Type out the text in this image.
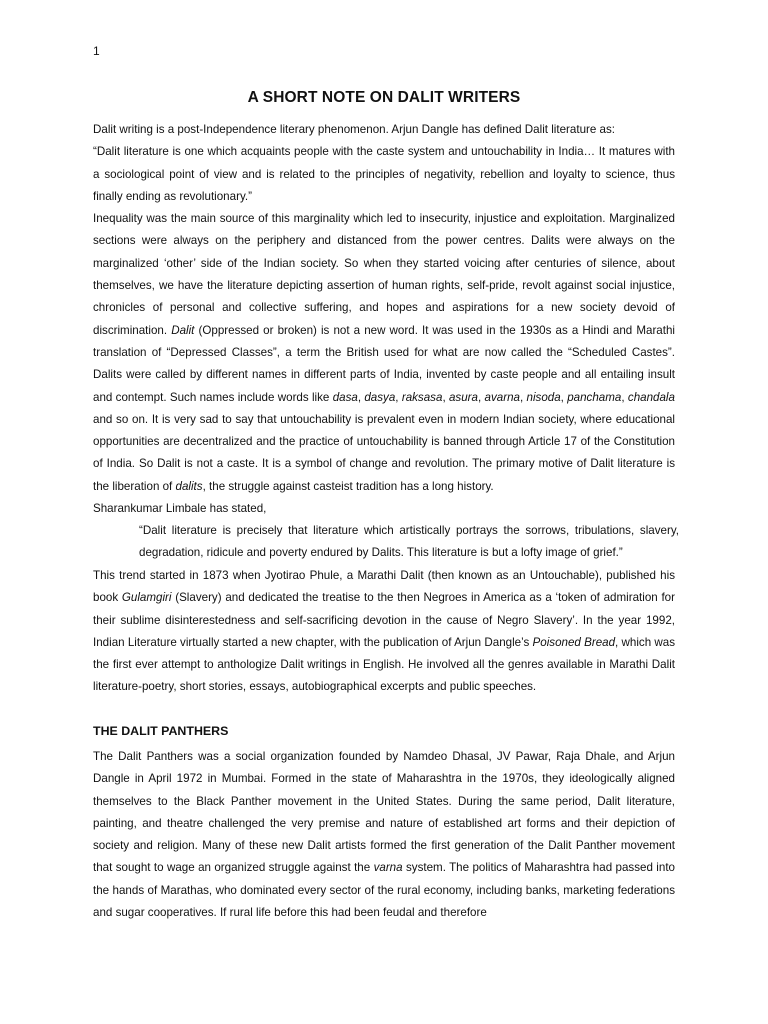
1
A SHORT NOTE ON DALIT WRITERS

Dalit writing is a post-Independence literary phenomenon. Arjun Dangle has defined Dalit literature as:

“Dalit literature is one which acquaints people with the caste system and untouchability in India… It matures with a sociological point of view and is related to the principles of negativity, rebellion and loyalty to science, thus finally ending as revolutionary.”

Inequality was the main source of this marginality which led to insecurity, injustice and exploitation. Marginalized sections were always on the periphery and distanced from the power centres. Dalits were always on the marginalized ‘other’ side of the Indian society. So when they started voicing after centuries of silence, about themselves, we have the literature depicting assertion of human rights, self-pride, revolt against social injustice, chronicles of personal and collective suffering, and hopes and aspirations for a new society devoid of discrimination. Dalit (Oppressed or broken) is not a new word. It was used in the 1930s as a Hindi and Marathi translation of “Depressed Classes”, a term the British used for what are now called the “Scheduled Castes”. Dalits were called by different names in different parts of India, invented by caste people and all entailing insult and contempt. Such names include words like dasa, dasya, raksasa, asura, avarna, nisoda, panchama, chandala and so on. It is very sad to say that untouchability is prevalent even in modern Indian society, where educational opportunities are decentralized and the practice of untouchability is banned through Article 17 of the Constitution of India. So Dalit is not a caste. It is a symbol of change and revolution. The primary motive of Dalit literature is the liberation of dalits, the struggle against casteist tradition has a long history.

Sharankumar Limbale has stated,

“Dalit literature is precisely that literature which artistically portrays the sorrows, tribulations, slavery, degradation, ridicule and poverty endured by Dalits. This literature is but a lofty image of grief.”

This trend started in 1873 when Jyotirao Phule, a Marathi Dalit (then known as an Untouchable), published his book Gulamgiri (Slavery) and dedicated the treatise to the then Negroes in America as a ‘token of admiration for their sublime disinterestedness and self-sacrificing devotion in the cause of Negro Slavery’. In the year 1992, Indian Literature virtually started a new chapter, with the publication of Arjun Dangle’s Poisoned Bread, which was the first ever attempt to anthologize Dalit writings in English. He involved all the genres available in Marathi Dalit literature-poetry, short stories, essays, autobiographical excerpts and public speeches.

THE DALIT PANTHERS

The Dalit Panthers was a social organization founded by Namdeo Dhasal, JV Pawar, Raja Dhale, and Arjun Dangle in April 1972 in Mumbai. Formed in the state of Maharashtra in the 1970s, they ideologically aligned themselves to the Black Panther movement in the United States. During the same period, Dalit literature, painting, and theatre challenged the very premise and nature of established art forms and their depiction of society and religion. Many of these new Dalit artists formed the first generation of the Dalit Panther movement that sought to wage an organized struggle against the varna system. The politics of Maharashtra had passed into the hands of Marathas, who dominated every sector of the rural economy, including banks, marketing federations and sugar cooperatives. If rural life before this had been feudal and therefore
